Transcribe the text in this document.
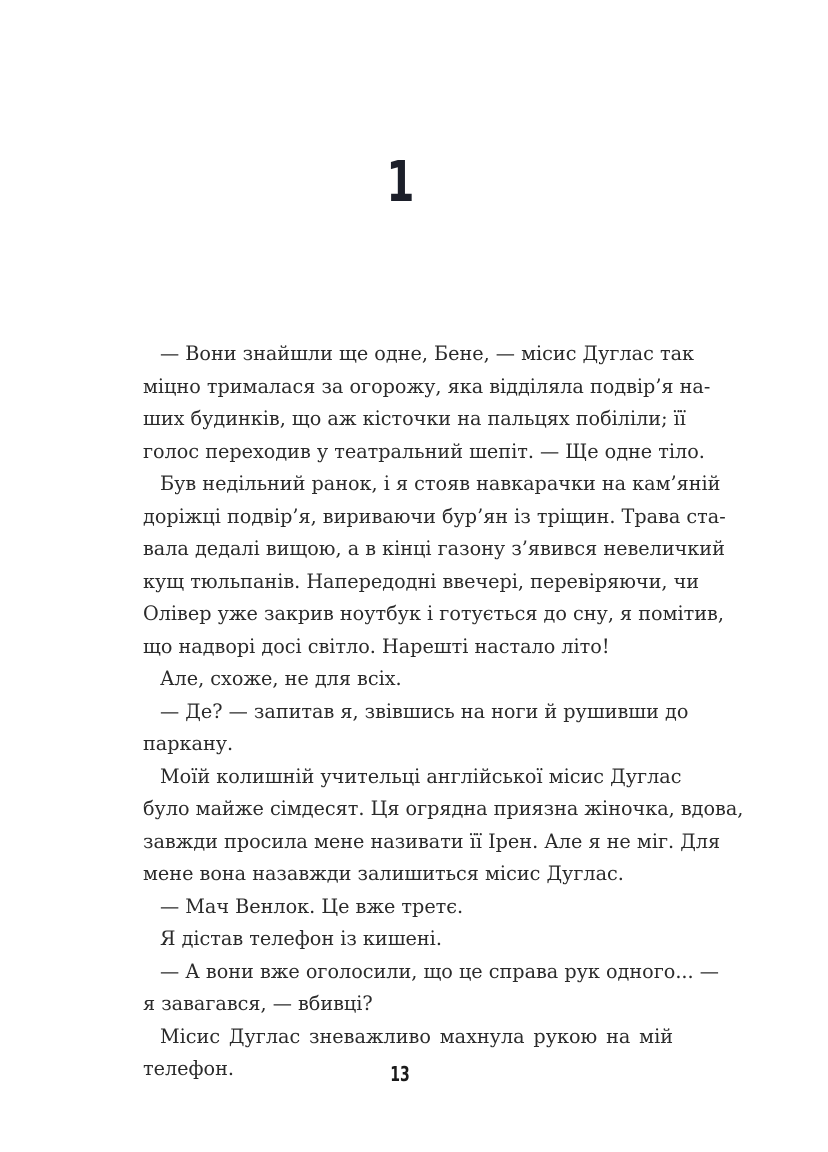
1
— Вони знайшли ще одне, Бене, — місис Дуглас так
міцно трималася за огорожу, яка відділяла подвір’я на-
ших будинків, що аж кісточки на пальцях побіліли; її
голос переходив у театральний шепіт. — Ще одне тіло.
Був недільний ранок, і я стояв навкарачки на кам’яній
доріжці подвір’я, вириваючи бур’ян із тріщин. Трава ста-
вала дедалі вищою, а в кінці газону з’явився невеличкий
кущ тюльпанів. Напередодні ввечері, перевіряючи, чи
Олівер уже закрив ноутбук і готується до сну, я помітив,
що надворі досі світло. Нарешті настало літо!
Але, схоже, не для всіх.
— Де? — запитав я, звівшись на ноги й рушивши до
паркану.
Моїй колишній учительці англійської місис Дуглас
було майже сімдесят. Ця огрядна приязна жіночка, вдова,
завжди просила мене називати її Ірен. Але я не міг. Для
мене вона назавжди залишиться місис Дуглас.
— Мач Венлок. Це вже третє.
Я дістав телефон із кишені.
— А вони вже оголосили, що це справа рук одного... —
я завагався, — вбивці?
Місис Дуглас зневажливо махнула рукою на мій
телефон.	13
